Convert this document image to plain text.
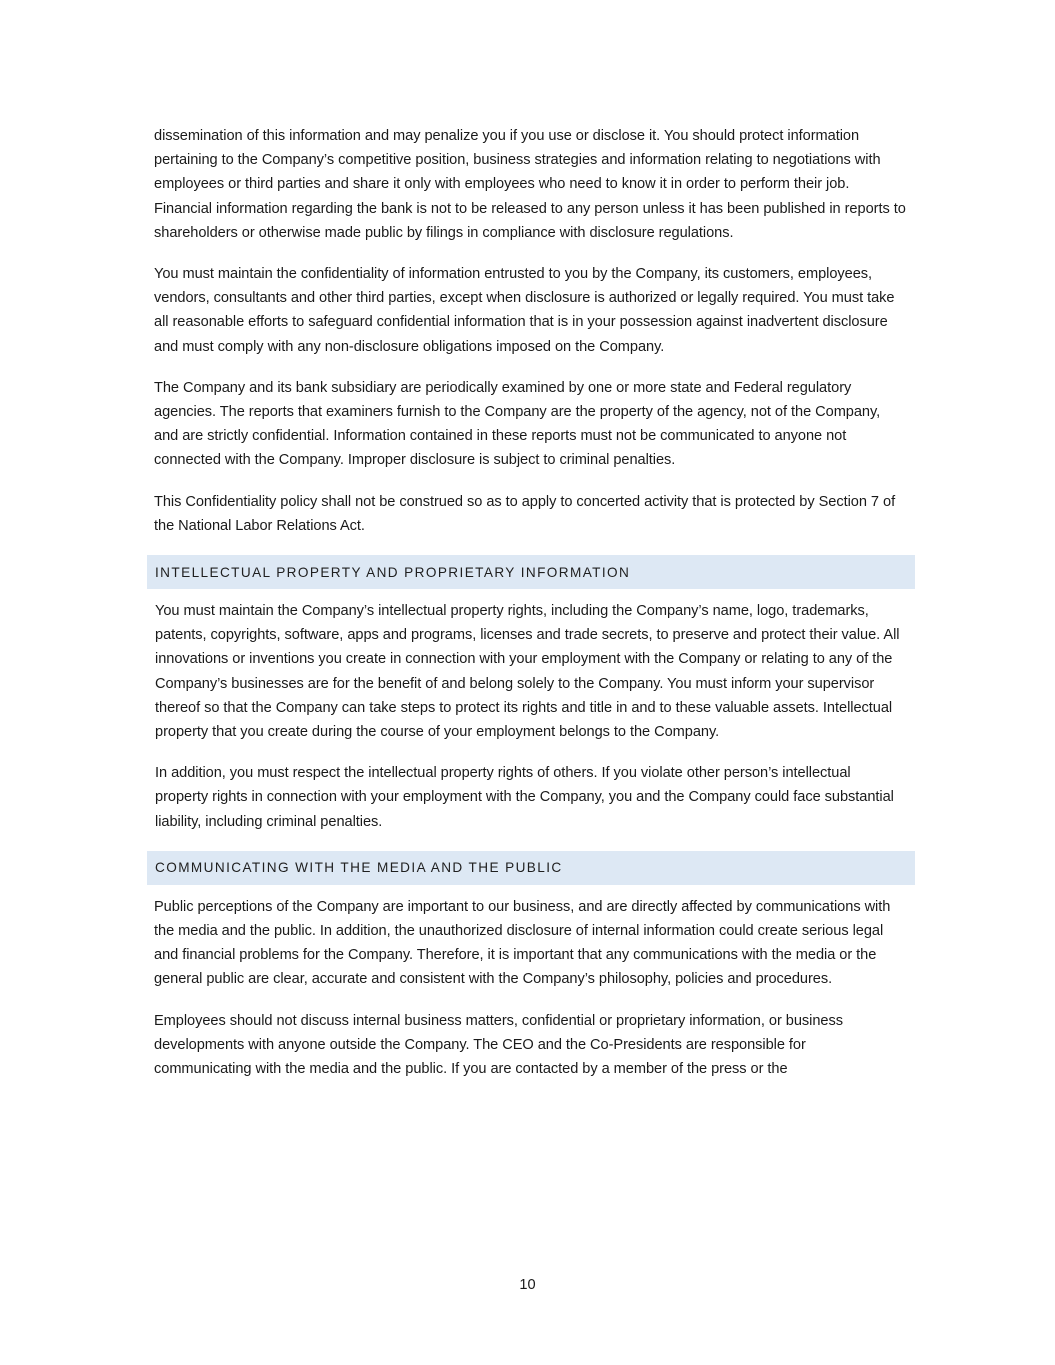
dissemination of this information and may penalize you if you use or disclose it. You should protect information pertaining to the Company’s competitive position, business strategies and information relating to negotiations with employees or third parties and share it only with employees who need to know it in order to perform their job. Financial information regarding the bank is not to be released to any person unless it has been published in reports to shareholders or otherwise made public by filings in compliance with disclosure regulations.

You must maintain the confidentiality of information entrusted to you by the Company, its customers, employees, vendors, consultants and other third parties, except when disclosure is authorized or legally required. You must take all reasonable efforts to safeguard confidential information that is in your possession against inadvertent disclosure and must comply with any non-disclosure obligations imposed on the Company.

The Company and its bank subsidiary are periodically examined by one or more state and Federal regulatory agencies. The reports that examiners furnish to the Company are the property of the agency, not of the Company, and are strictly confidential. Information contained in these reports must not be communicated to anyone not connected with the Company. Improper disclosure is subject to criminal penalties.

This Confidentiality policy shall not be construed so as to apply to concerted activity that is protected by Section 7 of the National Labor Relations Act.

INTELLECTUAL PROPERTY AND PROPRIETARY INFORMATION

You must maintain the Company’s intellectual property rights, including the Company’s name, logo, trademarks, patents, copyrights, software, apps and programs, licenses and trade secrets, to preserve and protect their value. All innovations or inventions you create in connection with your employment with the Company or relating to any of the Company’s businesses are for the benefit of and belong solely to the Company. You must inform your supervisor thereof so that the Company can take steps to protect its rights and title in and to these valuable assets. Intellectual property that you create during the course of your employment belongs to the Company.

In addition, you must respect the intellectual property rights of others. If you violate other person’s intellectual property rights in connection with your employment with the Company, you and the Company could face substantial liability, including criminal penalties.

COMMUNICATING WITH THE MEDIA AND THE PUBLIC

Public perceptions of the Company are important to our business, and are directly affected by communications with the media and the public. In addition, the unauthorized disclosure of internal information could create serious legal and financial problems for the Company. Therefore, it is important that any communications with the media or the general public are clear, accurate and consistent with the Company’s philosophy, policies and procedures.

Employees should not discuss internal business matters, confidential or proprietary information, or business developments with anyone outside the Company. The CEO and the Co-Presidents are responsible for communicating with the media and the public. If you are contacted by a member of the press or the

10
